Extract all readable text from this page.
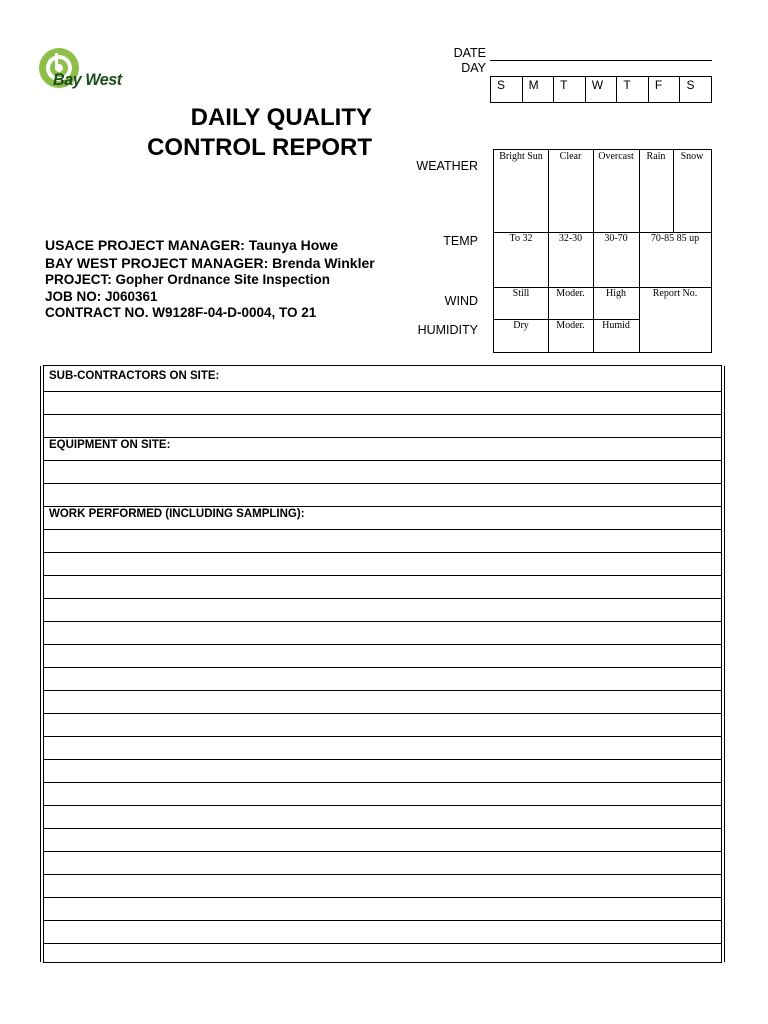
Bay West
DAILY QUALITY
CONTROL REPORT
DATE
DAY
S	M	T	W	T	F	S
WEATHER
TEMP
WIND
HUMIDITY
Bright Sun	Clear	Overcast	Rain	Snow
To 32	32-30	30-70	70-85 85 up
Still	Moder.	High	Report No.
Dry	Moder.	Humid
USACE PROJECT MANAGER: Taunya Howe
BAY WEST PROJECT MANAGER: Brenda Winkler
PROJECT: Gopher Ordnance Site Inspection
JOB NO: J060361
CONTRACT NO. W9128F-04-D-0004, TO 21
SUB-CONTRACTORS ON SITE:
EQUIPMENT ON SITE:
WORK PERFORMED (INCLUDING SAMPLING):
